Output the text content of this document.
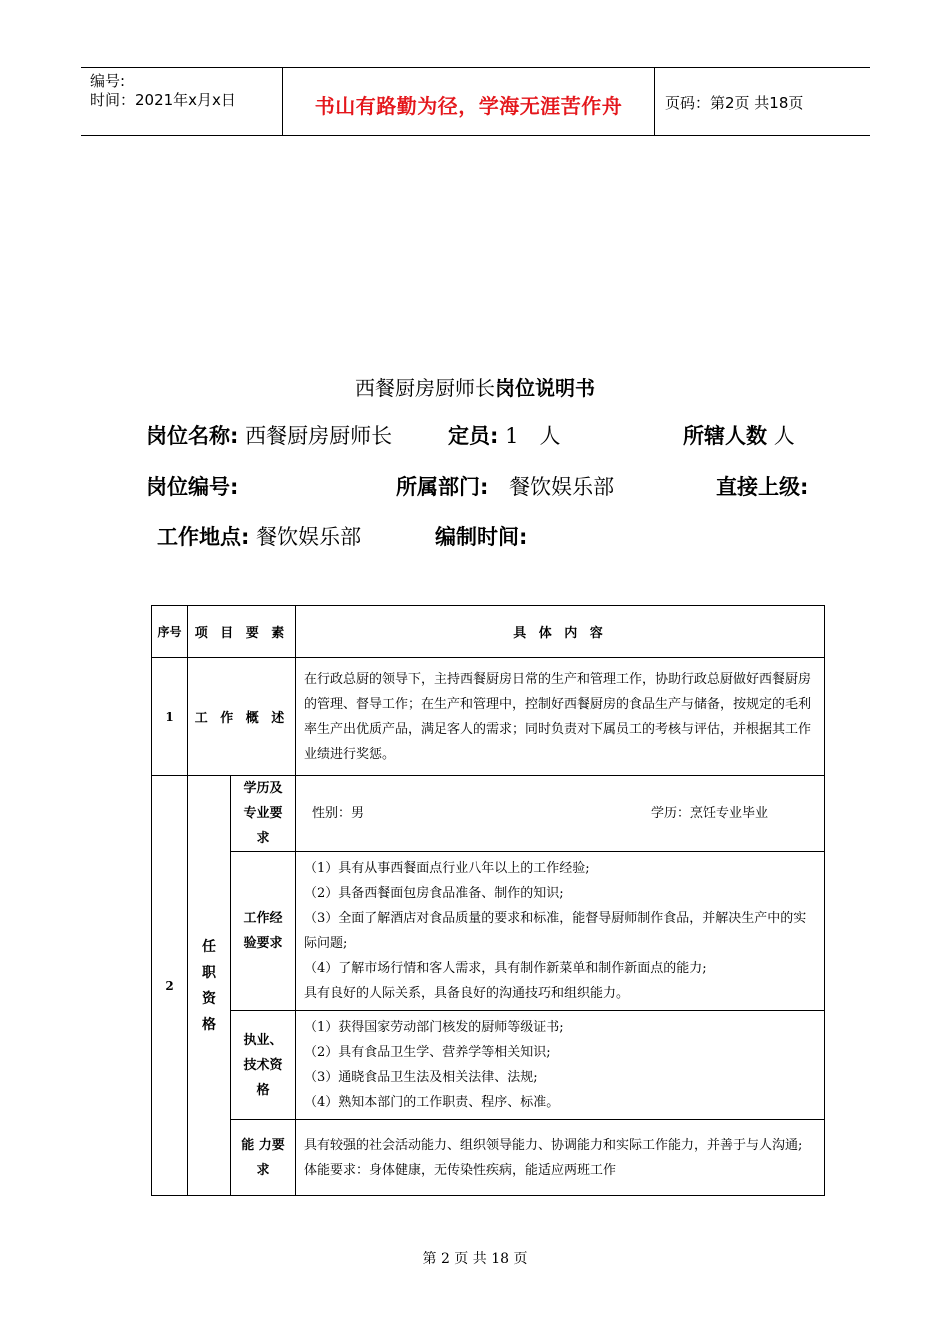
编号:
时间：2021年x月x日	书山有路勤为径，学海无涯苦作舟	页码：第2页 共18页
西餐厨房厨师长岗位说明书
岗位名称: 西餐厨房厨师长	定员: 1　人	所辖人数 人
岗位编号:	所属部门: 餐饮娱乐部	直接上级:
工作地点: 餐饮娱乐部	编制时间:
序号	项 目 要 素		具 体 内 容
1	工 作 概 述		在行政总厨的领导下，主持西餐厨房日常的生产和管理工作，协助行政总厨做好西餐厨房的管理、督导工作；在生产和管理中，控制好西餐厨房的食品生产与储备，按规定的毛利率生产出优质产品，满足客人的需求；同时负责对下属员工的考核与评估，并根据其工作业绩进行奖惩。
2	任职资格	学历及专业要求	性别：男 学历：烹饪专业毕业

		工作经验要求	（1）具有从事西餐面点行业八年以上的工作经验;

（2）具备西餐面包房食品准备、制作的知识;

（3）全面了解酒店对食品质量的要求和标准，能督导厨师制作食品，并解决生产中的实际问题;

（4）了解市场行情和客人需求，具有制作新菜单和制作新面点的能力;

具有良好的人际关系，具备良好的沟通技巧和组织能力。

		执业、技术资格	（1）获得国家劳动部门核发的厨师等级证书;

（2）具有食品卫生学、营养学等相关知识;

（3）通晓食品卫生法及相关法律、法规;

（4）熟知本部门的工作职责、程序、标准。

		能 力要 求	具有较强的社会活动能力、组织领导能力、协调能力和实际工作能力，并善于与人沟通;

体能要求：身体健康，无传染性疾病，能适应两班工作

第 2 页 共 18 页
